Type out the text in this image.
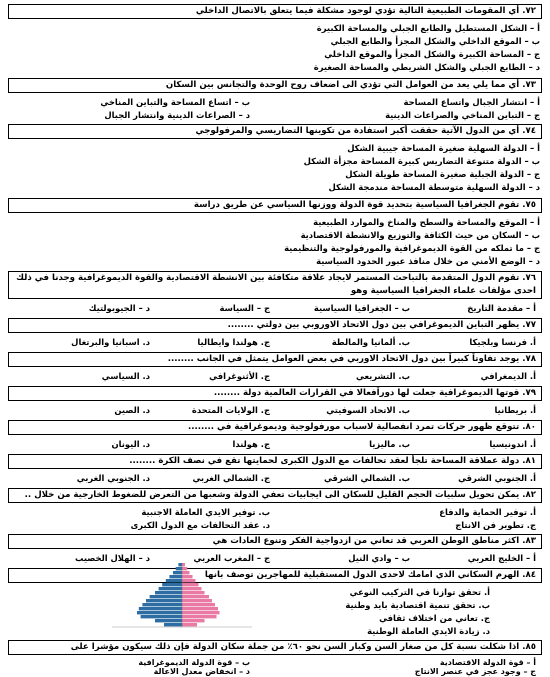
٧٢. أي المقومات الطبيعية التالية تؤدي لوجود مشكلة فيما يتعلق بالاتصال الداخلي
أ – الشكل المستطيل والطابع الجبلي والمساحة الكبيرة
ب – الموقع الداخلي والشكل المجزأ والطابع الجبلي
ج – المساحة الكبيرة والشكل المجزأ والموقع الداخلي
د – الطابع الجبلي والشكل الشريطي والمساحة الصغيرة
٧٣. أي مما يلي يعد من العوامل التي تؤدي الى اضعاف روح الوحدة والتجانس بين السكان
أ – انتشار الجبال واتساع المساحة
ب – اتساع المساحة والتباين المناخي
ج – التباين المناخي والصراعات الدينية
د – الصراعات الدينية وانتشار الجبال
٧٤. أي من الدول الآتية حققت أكبر استفادة من تكوينها التضاريسي والمرفولوجي
أ – الدولة السهلية صغيرة المساحة جيبية الشكل
ب – الدولة متنوعة التضاريس كبيرة المساحة مجزأة الشكل
ج – الدولة الجبلية صغيرة المساحة طويلة الشكل
د – الدولة السهلية متوسطة المساحة مندمجة الشكل
٧٥. تقوم الجغرافيا السياسية بتحديد قوة الدولة ووزنها السياسي عن طريق دراسة
أ – الموقع والمساحة والسطح والمناخ والموارد الطبيعية
ب – السكان من حيث الكثافة والتوزيع والانشطة الاقتصادية
ج – ما تملكه من القوة الديموغرافية والمورفولوجية والتنظيمية
د – الوضع الأمني من خلال منافذ عبور الحدود السياسية
٧٦. تقوم الدول المتقدمة بالتباحث المستمر لايجاد علاقة متكافئة بين الانشطة الاقتصادية والقوة الديموغرافية وجدنا في ذلك
احدى مؤلفات علماء الجغرافيا السياسية وهو
أ – مقدمة التاريخ
ب – الجغرافيا السياسية
ج – السياسة
د – الجيوبولتيك
٧٧. يظهر التباين الديموغرافي بين دول الاتحاد الاوروبي بين دولتي ........
أ. فرنسا وبلجيكا
ب. ألمانيا والمالطة
ج. هولندا وايطاليا
د. اسبانيا والبرتغال
٧٨. يوجد تفاوتاً كبيراً بين دول الاتحاد الاوربي في بعض العوامل يتمثل في الجانب ........
أ. الديمغرافي
ب. التشريعي
ج. الأثنوغرافي
د. السياسي
٧٩. قوتها الديموغرافية جعلت لها دوراًفعالا في القرارات العالمية دولة ........
أ. بريطانيا
ب. الاتحاد السوفيتي
ج. الولايات المتحدة
د. الصين
٨٠. تتوقع ظهور حركات تمرد انفصالية لاسباب مورفولوجية وديموغرافية في ........
أ. اندونيسيا
ب. ماليزيا
ج. هولندا
د. اليونان
٨١. دولة عملاقة المساحة تلجأ لعقد تحالفات مع الدول الكبرى لحمايتها تقع في نصف الكرة ........
أ. الجنوبي الشرقي
ب. الشمالي الشرقي
ج. الشمالي الغربي
د. الجنوبي الغربي
٨٢. يمكن تحويل سلبيات الحجم القليل للسكان الى ايجابيات تعفي الدولة وشعبها من التعرض للضغوط الخارجية من خلال ..
أ. توفير الحماية والدفاع
ب. توفير الايدي العاملة الاجنبية
ج. تطوير فن الانتاج
د. عقد التحالفات مع الدول الكبرى
٨٣. اكثر مناطق الوطن العربي قد تعاني من ازدواجية الفكر وتنوع العادات هي
أ – الخليج العربي
ب – وادي النيل
ج – المغرب العربي
د – الهلال الخصيب
٨٤. الهرم السكاني الذي امامك لاحدى الدول المستقبلية للمهاجرين توصف بانها
أ. تحقق توازنا في التركيب النوعي
ب. تحقق تنمية اقتصادية بايد وطنية
ج. تعاني من اختلاف ثقافي
د. زيادة الايدي العاملة الوطنية
٨٥. اذا شكلت نسبة كل من صغار السن وكبار السن نحو ٦٠٪ من جملة سكان الدولة فإن ذلك سيكون مؤشرا على
أ – قوة الدولة الاقتصادية
ب – قوة الدولة الديموغرافية
ج – وجود عجز في عنصر الانتاج
د – انخفاض معدل الاعالة
